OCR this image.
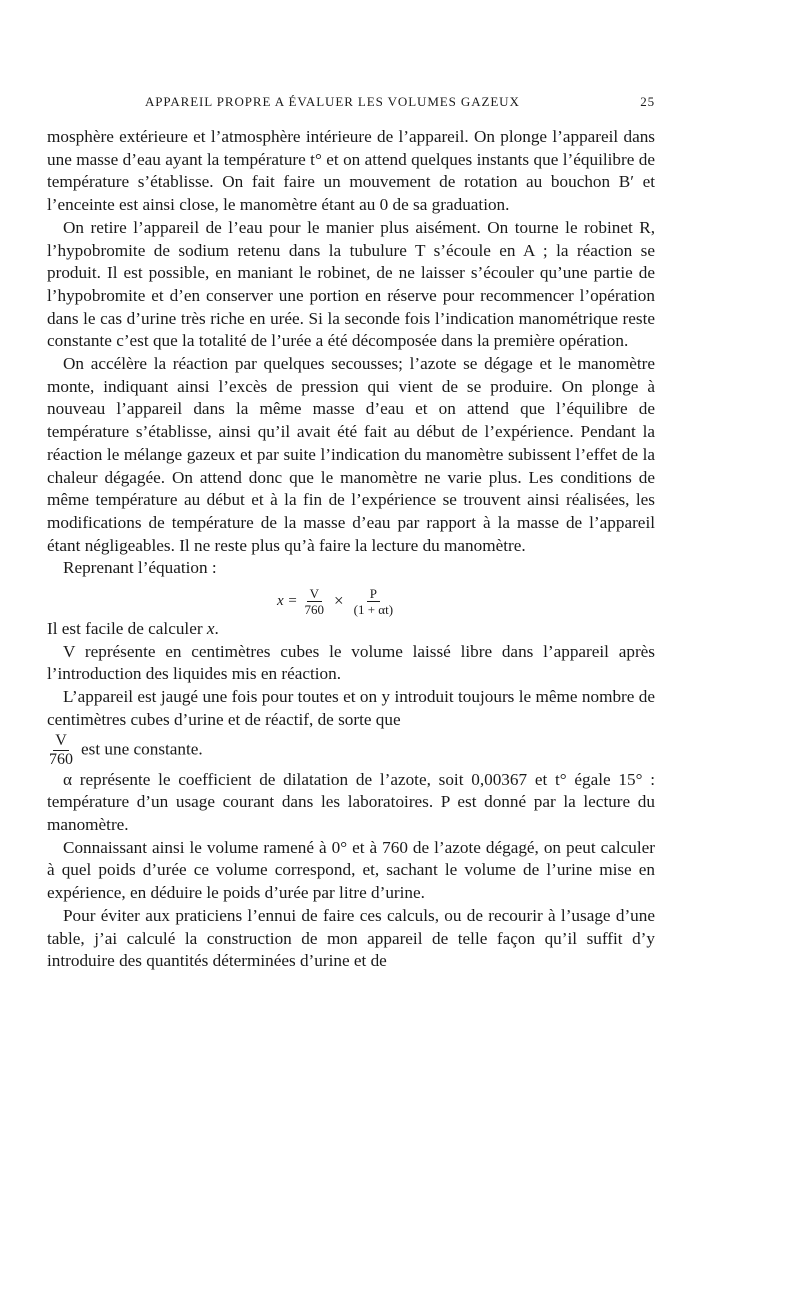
APPAREIL PROPRE A ÉVALUER LES VOLUMES GAZEUX	25

mosphère extérieure et l’atmosphère intérieure de l’appareil. On plonge l’appareil dans une masse d’eau ayant la température t° et on attend quelques instants que l’équilibre de température s’établisse. On fait faire un mouvement de rotation au bouchon B′ et l’enceinte est ainsi close, le manomètre étant au 0 de sa graduation.

On retire l’appareil de l’eau pour le manier plus aisément. On tourne le robinet R, l’hypobromite de sodium retenu dans la tubulure T s’écoule en A ; la réaction se produit. Il est possible, en maniant le robinet, de ne laisser s’écouler qu’une partie de l’hypobromite et d’en conserver une portion en réserve pour recommencer l’opération dans le cas d’urine très riche en urée. Si la seconde fois l’indication manométrique reste constante c’est que la totalité de l’urée a été décomposée dans la première opération.

On accélère la réaction par quelques secousses; l’azote se dégage et le manomètre monte, indiquant ainsi l’excès de pression qui vient de se produire. On plonge à nouveau l’appareil dans la même masse d’eau et on attend que l’équilibre de température s’établisse, ainsi qu’il avait été fait au début de l’expérience. Pendant la réaction le mélange gazeux et par suite l’indication du manomètre subissent l’effet de la chaleur dégagée. On attend donc que le manomètre ne varie plus. Les conditions de même température au début et à la fin de l’expérience se trouvent ainsi réalisées, les modifications de température de la masse d’eau par rapport à la masse de l’appareil étant négligeables. Il ne reste plus qu’à faire la lecture du manomètre.

Reprenant l’équation :

$x = \frac{V}{760} \times \frac{P}{(1 + \alpha t)}$

Il est facile de calculer x.

V représente en centimètres cubes le volume laissé libre dans l’appareil après l’introduction des liquides mis en réaction.

L’appareil est jaugé une fois pour toutes et on y introduit toujours le même nombre de centimètres cubes d’urine et de réactif, de sorte que

$\frac{V}{760}$ est une constante.

α représente le coefficient de dilatation de l’azote, soit 0,00367 et t° égale 15° : température d’un usage courant dans les laboratoires. P est donné par la lecture du manomètre.

Connaissant ainsi le volume ramené à 0° et à 760 de l’azote dégagé, on peut calculer à quel poids d’urée ce volume correspond, et, sachant le volume de l’urine mise en expérience, en déduire le poids d’urée par litre d’urine.

Pour éviter aux praticiens l’ennui de faire ces calculs, ou de recourir à l’usage d’une table, j’ai calculé la construction de mon appareil de telle façon qu’il suffit d’y introduire des quantités déterminées d’urine et de
